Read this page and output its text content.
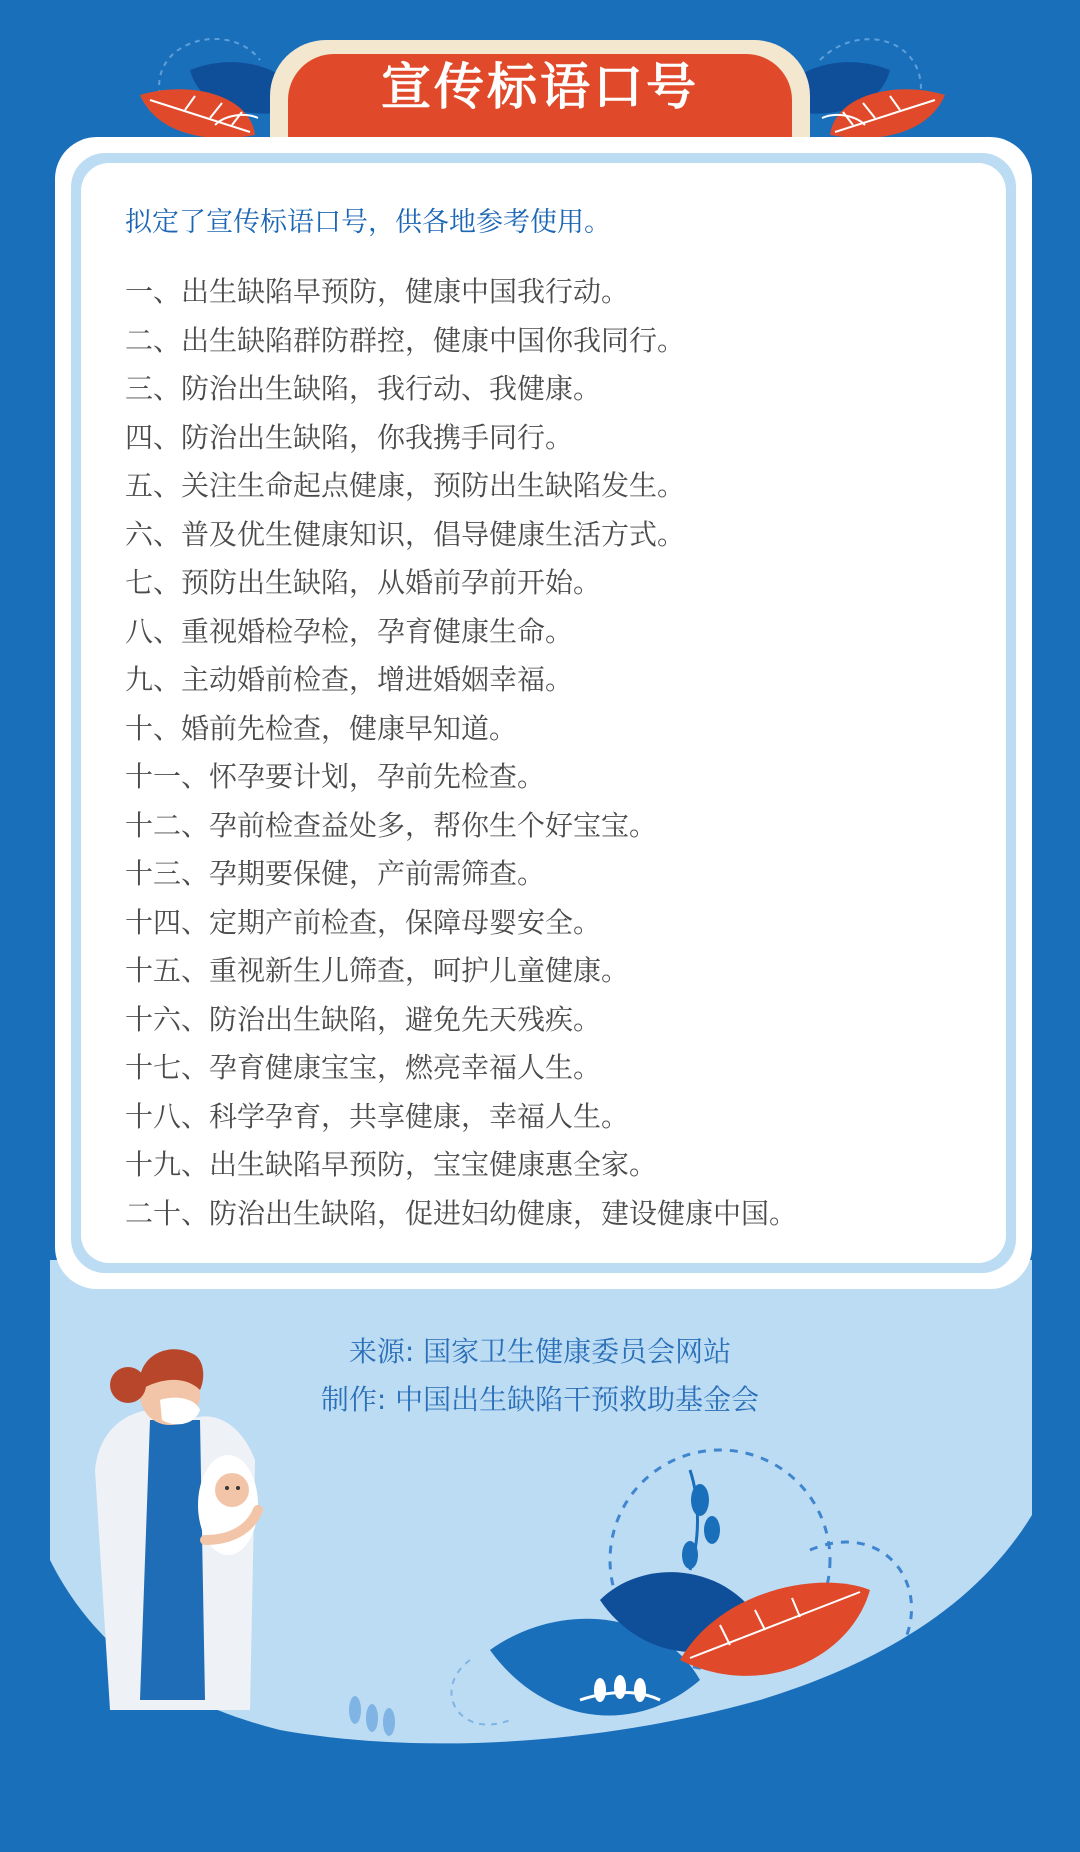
宣传标语口号
拟定了宣传标语口号，供各地参考使用。
一、出生缺陷早预防，健康中国我行动。
二、出生缺陷群防群控，健康中国你我同行。
三、防治出生缺陷，我行动、我健康。
四、防治出生缺陷，你我携手同行。
五、关注生命起点健康，预防出生缺陷发生。
六、普及优生健康知识，倡导健康生活方式。
七、预防出生缺陷，从婚前孕前开始。
八、重视婚检孕检，孕育健康生命。
九、主动婚前检查，增进婚姻幸福。
十、婚前先检查，健康早知道。
十一、怀孕要计划，孕前先检查。
十二、孕前检查益处多，帮你生个好宝宝。
十三、孕期要保健，产前需筛查。
十四、定期产前检查，保障母婴安全。
十五、重视新生儿筛查，呵护儿童健康。
十六、防治出生缺陷，避免先天残疾。
十七、孕育健康宝宝，燃亮幸福人生。
十八、科学孕育，共享健康，幸福人生。
十九、出生缺陷早预防，宝宝健康惠全家。
二十、防治出生缺陷，促进妇幼健康，建设健康中国。
来源: 国家卫生健康委员会网站
制作: 中国出生缺陷干预救助基金会
